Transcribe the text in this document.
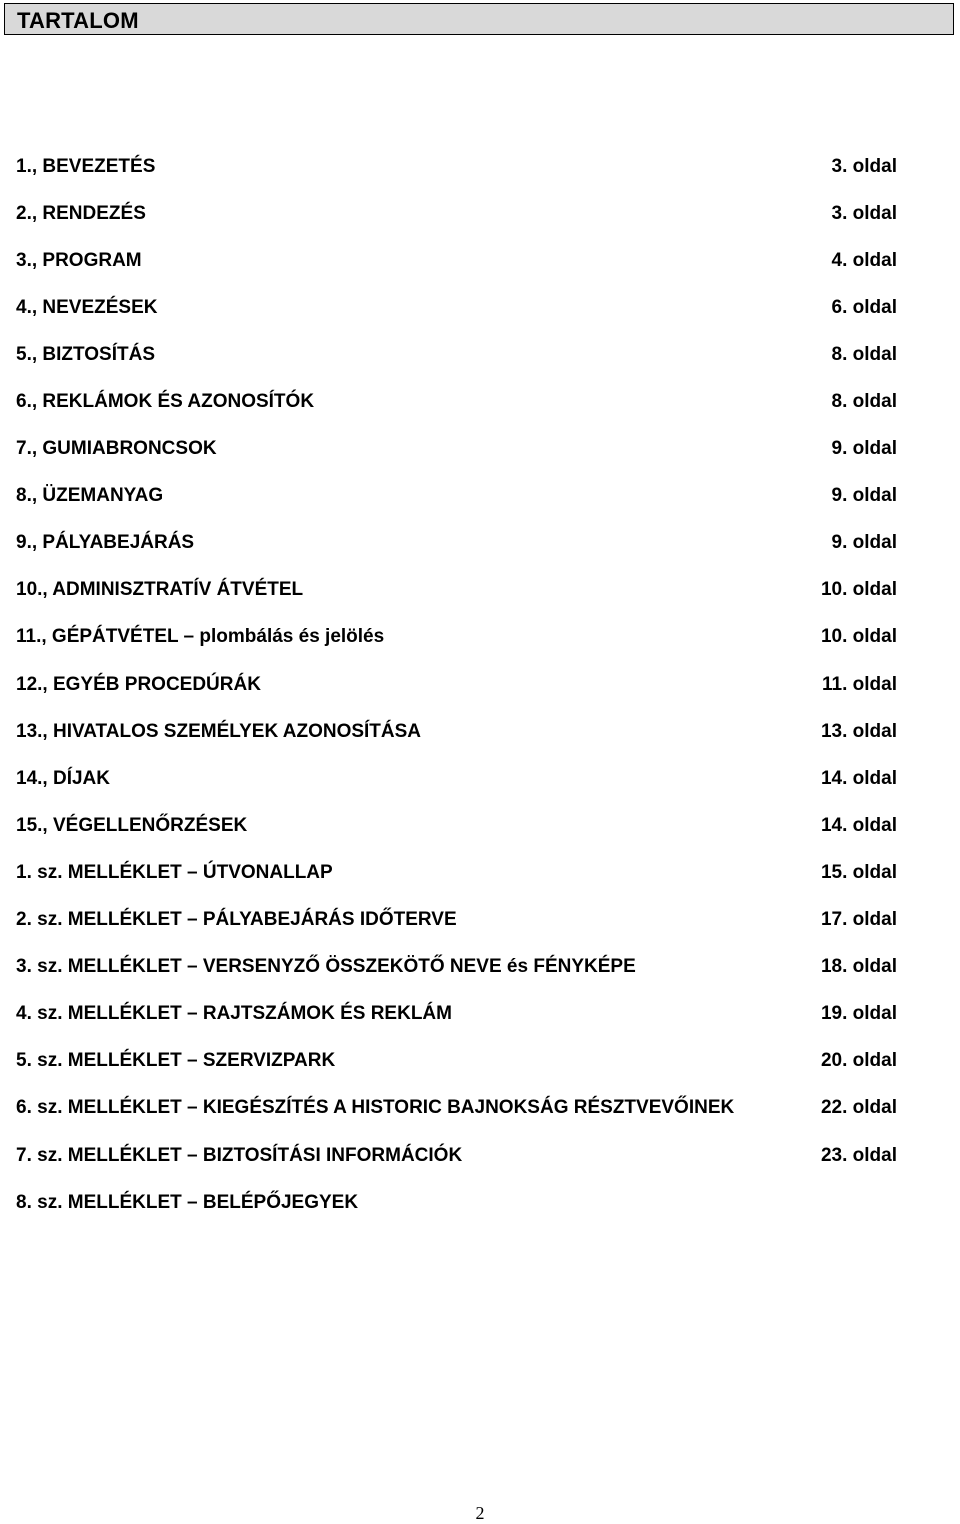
TARTALOM
1., BEVEZETÉS	3. oldal
2., RENDEZÉS	3. oldal
3., PROGRAM	4. oldal
4., NEVEZÉSEK	6. oldal
5., BIZTOSÍTÁS	8. oldal
6., REKLÁMOK ÉS AZONOSÍTÓK	8. oldal
7., GUMIABRONCSOK	9. oldal
8., ÜZEMANYAG	9. oldal
9., PÁLYABEJÁRÁS	9. oldal
10., ADMINISZTRATÍV ÁTVÉTEL	10. oldal
11., GÉPÁTVÉTEL – plombálás és jelölés	10. oldal
12., EGYÉB PROCEDÚRÁK	11. oldal
13., HIVATALOS SZEMÉLYEK AZONOSÍTÁSA	13. oldal
14., DÍJAK	14. oldal
15., VÉGELLENŐRZÉSEK	14. oldal
1. sz. MELLÉKLET – ÚTVONALLAP	15. oldal
2. sz. MELLÉKLET – PÁLYABEJÁRÁS IDŐTERVE	17. oldal
3. sz. MELLÉKLET – VERSENYZŐ ÖSSZEKÖTŐ NEVE és FÉNYKÉPE	18. oldal
4. sz. MELLÉKLET – RAJTSZÁMOK ÉS REKLÁM	19. oldal
5. sz. MELLÉKLET – SZERVIZPARK	20. oldal
6. sz. MELLÉKLET – KIEGÉSZÍTÉS A HISTORIC BAJNOKSÁG RÉSZTVEVŐINEK	22. oldal
7. sz. MELLÉKLET – BIZTOSÍTÁSI INFORMÁCIÓK	23. oldal
8. sz. MELLÉKLET – BELÉPŐJEGYEK
2
